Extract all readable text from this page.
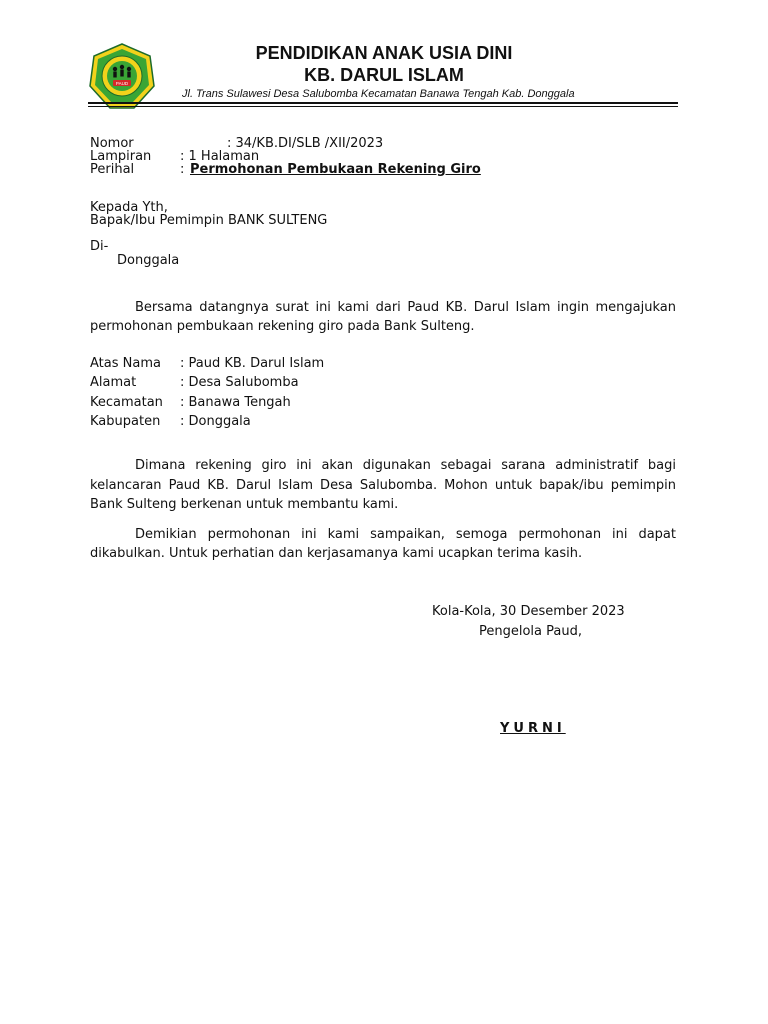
PAUD
PENDIDIKAN ANAK USIA DINI
KB. DARUL ISLAM
Jl. Trans Sulawesi Desa Salubomba Kecamatan Banawa Tengah Kab. Donggala
Nomor	: 34/KB.DI/SLB /XII/2023
Lampiran : 1 Halaman
Perihal	: Permohonan Pembukaan Rekening Giro
Kepada Yth,
Bapak/Ibu Pemimpin BANK SULTENG
Di-
Donggala
Bersama datangnya surat ini kami dari Paud KB. Darul Islam ingin mengajukan permohonan pembukaan rekening giro pada Bank Sulteng.
Atas Nama : Paud KB. Darul Islam
Alamat	: Desa Salubomba
Kecamatan : Banawa Tengah
Kabupaten : Donggala
Dimana rekening giro ini akan digunakan sebagai sarana administratif bagi kelancaran Paud KB. Darul Islam Desa Salubomba. Mohon untuk bapak/ibu pemimpin Bank Sulteng berkenan untuk membantu kami.
Demikian permohonan ini kami sampaikan, semoga permohonan ini dapat dikabulkan. Untuk perhatian dan kerjasamanya kami ucapkan terima kasih.
Kola-Kola, 30 Desember 2023
Pengelola Paud,
YURNI
